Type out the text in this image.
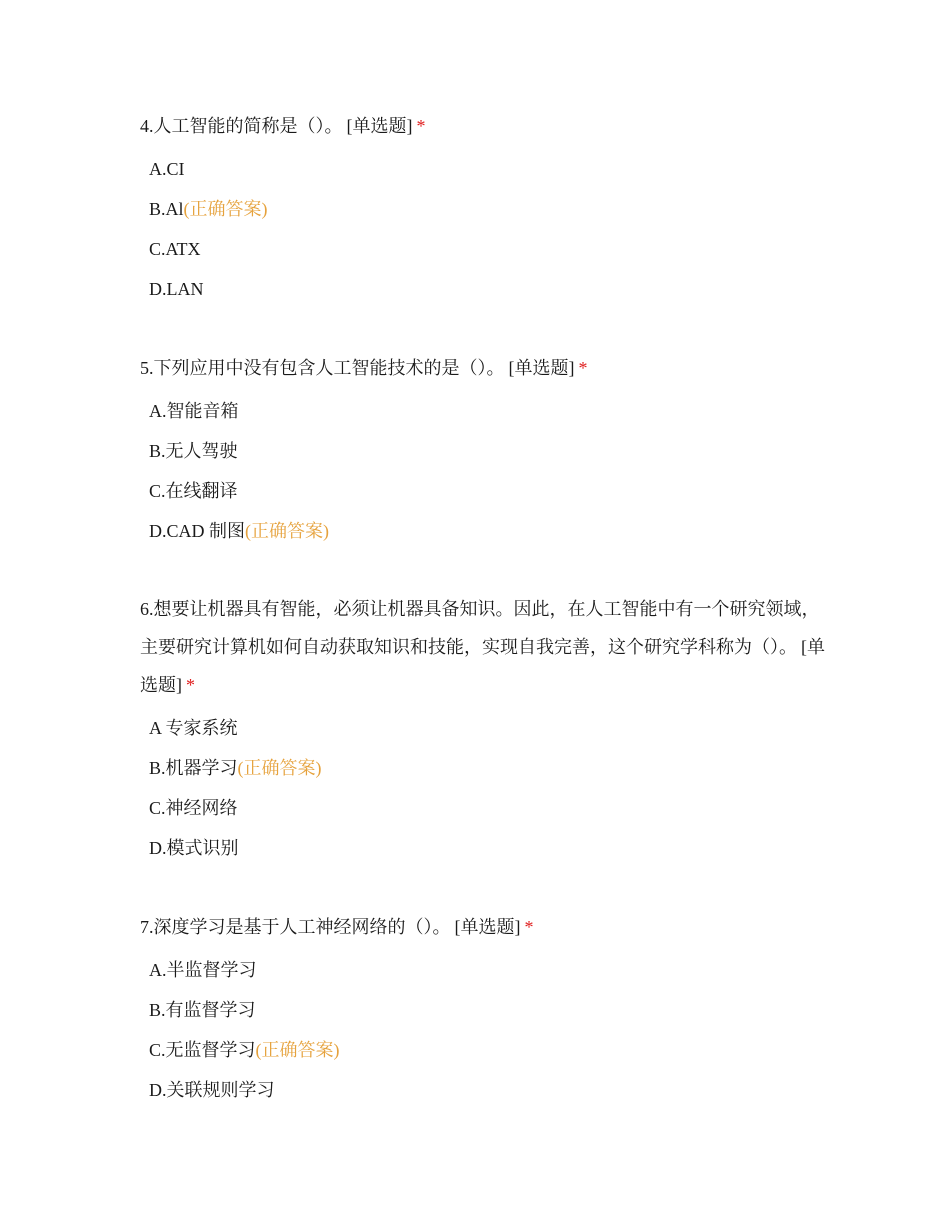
4.人工智能的简称是（）。 [单选题] *

A.CI
B.Al(正确答案)
C.ATX
D.LAN

5.下列应用中没有包含人工智能技术的是（）。 [单选题] *

A.智能音箱
B.无人驾驶
C.在线翻译
D.CAD 制图(正确答案)

6.想要让机器具有智能，必须让机器具备知识。因此，在人工智能中有一个研究领域，主要研究计算机如何自动获取知识和技能，实现自我完善，这个研究学科称为（）。 [单选题] *

A 专家系统
B.机器学习(正确答案)
C.神经网络
D.模式识别

7.深度学习是基于人工神经网络的（）。 [单选题] *

A.半监督学习
B.有监督学习
C.无监督学习(正确答案)
D.关联规则学习
